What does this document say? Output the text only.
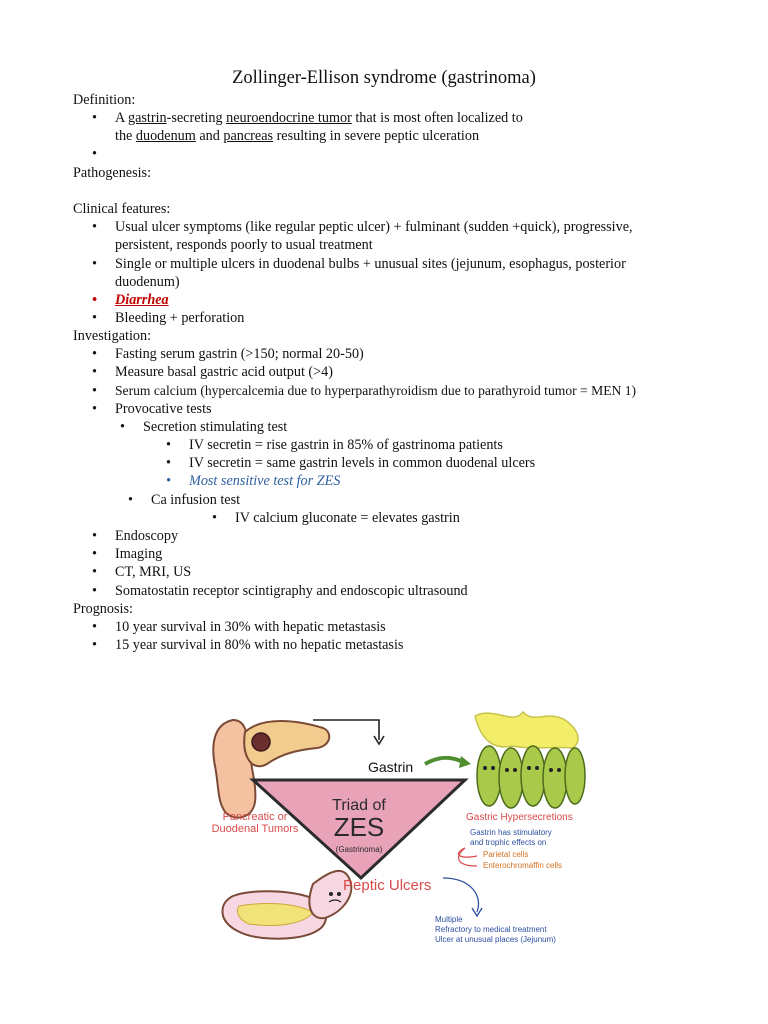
Zollinger-Ellison syndrome (gastrinoma)
Definition:
• A gastrin-secreting neuroendocrine tumor that is most often localized to
the duodenum and pancreas resulting in severe peptic ulceration
•
Pathogenesis:
Clinical features:
• Usual ulcer symptoms (like regular peptic ulcer) + fulminant (sudden +quick), progressive,
persistent, responds poorly to usual treatment
• Single or multiple ulcers in duodenal bulbs + unusual sites (jejunum, esophagus, posterior
duodenum)
• Diarrhea
• Bleeding + perforation
Investigation:
• Fasting serum gastrin (>150; normal 20-50)
• Measure basal gastric acid output (>4)
• Serum calcium (hypercalcemia due to hyperparathyroidism due to parathyroid tumor = MEN 1)
• Provocative tests
• Secretion stimulating test
• IV secretin = rise gastrin in 85% of gastrinoma patients
• IV secretin = same gastrin levels in common duodenal ulcers
• Most sensitive test for ZES
• Ca infusion test
• IV calcium gluconate = elevates gastrin
• Endoscopy
• Imaging
• CT, MRI, US
• Somatostatin receptor scintigraphy and endoscopic ultrasound
Prognosis:
• 10 year survival in 30% with hepatic metastasis
• 15 year survival in 80% with no hepatic metastasis
Gastrin
Triad of
ZES
(Gastrinoma)
Pancreatic or
Duodenal Tumors
Gastric Hypersecretions
Gastrin has stimulatory
and trophic effects on
Parietal cells
Enterochromaffin cells
Peptic Ulcers
Multiple
Refractory to medical treatment
Ulcer at unusual places (Jejunum)
